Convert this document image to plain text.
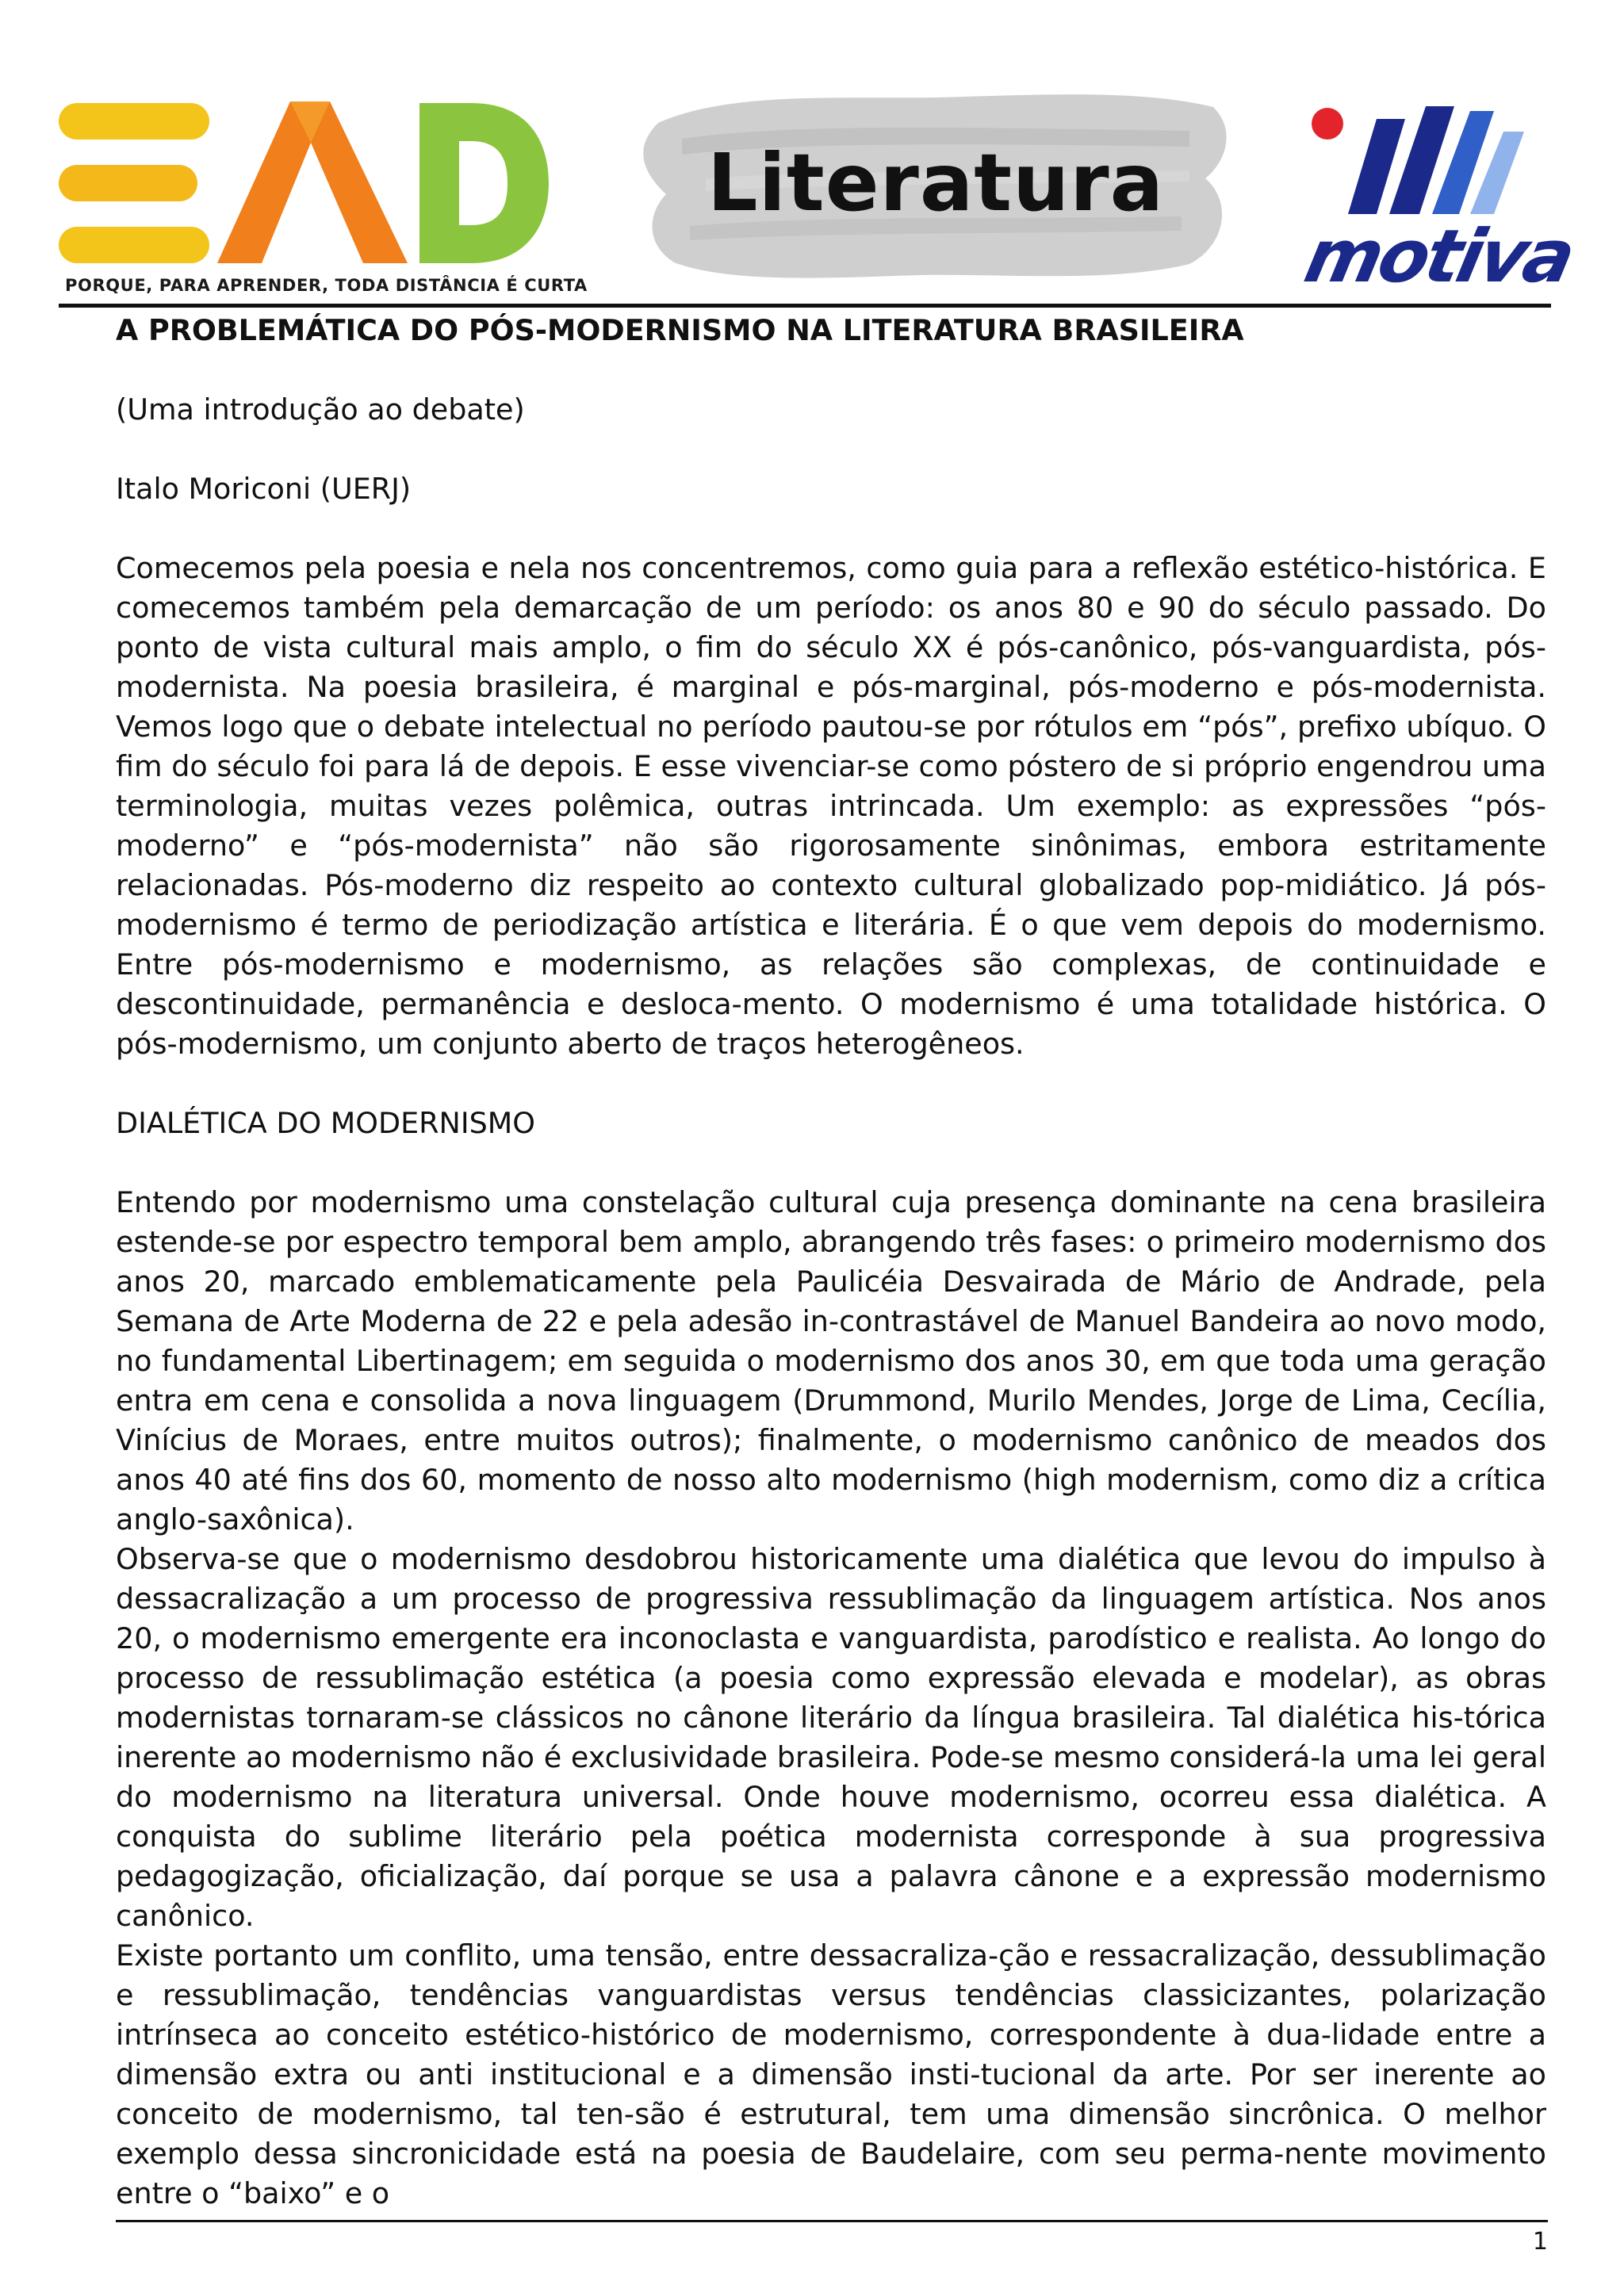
PORQUE, PARA APRENDER, TODA DISTÂNCIA É CURTA
Literatura
motiva

A PROBLEMÁTICA DO PÓS-MODERNISMO NA LITERATURA BRASILEIRA

(Uma introdução ao debate)

Italo Moriconi (UERJ)

Comecemos pela poesia e nela nos concentremos, como guia para a reflexão estético-histórica. E comecemos também pela demarcação de um período: os anos 80 e 90 do século passado. Do ponto de vista cultural mais amplo, o fim do século XX é pós-canônico, pós-vanguardista, pós-modernista. Na poesia brasileira, é marginal e pós-marginal, pós-moderno e pós-modernista. Vemos logo que o debate intelectual no período pautou-se por rótulos em “pós”, prefixo ubíquo. O fim do século foi para lá de depois. E esse vivenciar-se como póstero de si próprio engendrou uma terminologia, muitas vezes polêmica, outras intrincada. Um exemplo: as expressões “pós-moderno” e “pós-modernista” não são rigorosamente sinônimas, embora estritamente relacionadas. Pós-moderno diz respeito ao contexto cultural globalizado pop-midiático. Já pós-modernismo é termo de periodização artística e literária. É o que vem depois do modernismo. Entre pós-modernismo e modernismo, as relações são complexas, de continuidade e descontinuidade, permanência e desloca-mento. O modernismo é uma totalidade histórica. O pós-modernismo, um conjunto aberto de traços heterogêneos.

DIALÉTICA DO MODERNISMO

Entendo por modernismo uma constelação cultural cuja presença dominante na cena brasileira estende-se por espectro temporal bem amplo, abrangendo três fases: o primeiro modernismo dos anos 20, marcado emblematicamente pela Paulicéia Desvairada de Mário de Andrade, pela Semana de Arte Moderna de 22 e pela adesão in-contrastável de Manuel Bandeira ao novo modo, no fundamental Libertinagem; em seguida o modernismo dos anos 30, em que toda uma geração entra em cena e consolida a nova linguagem (Drummond, Murilo Mendes, Jorge de Lima, Cecília, Vinícius de Moraes, entre muitos outros); finalmente, o modernismo canônico de meados dos anos 40 até fins dos 60, momento de nosso alto modernismo (high modernism, como diz a crítica anglo-saxônica).

Observa-se que o modernismo desdobrou historicamente uma dialética que levou do impulso à dessacralização a um processo de progressiva ressublimação da linguagem artística. Nos anos 20, o modernismo emergente era inconoclasta e vanguardista, parodístico e realista. Ao longo do processo de ressublimação estética (a poesia como expressão elevada e modelar), as obras modernistas tornaram-se clássicos no cânone literário da língua brasileira. Tal dialética his-tórica inerente ao modernismo não é exclusividade brasileira. Pode-se mesmo considerá-la uma lei geral do modernismo na literatura universal. Onde houve modernismo, ocorreu essa dialética. A conquista do sublime literário pela poética modernista corresponde à sua progressiva pedagogização, oficialização, daí porque se usa a palavra cânone e a expressão modernismo canônico.

Existe portanto um conflito, uma tensão, entre dessacraliza-ção e ressacralização, dessublimação e ressublimação, tendências vanguardistas versus tendências classicizantes, polarização intrínseca ao conceito estético-histórico de modernismo, correspondente à dua-lidade entre a dimensão extra ou anti institucional e a dimensão insti-tucional da arte. Por ser inerente ao conceito de modernismo, tal ten-são é estrutural, tem uma dimensão sincrônica. O melhor exemplo dessa sincronicidade está na poesia de Baudelaire, com seu perma-nente movimento entre o “baixo” e o

1
